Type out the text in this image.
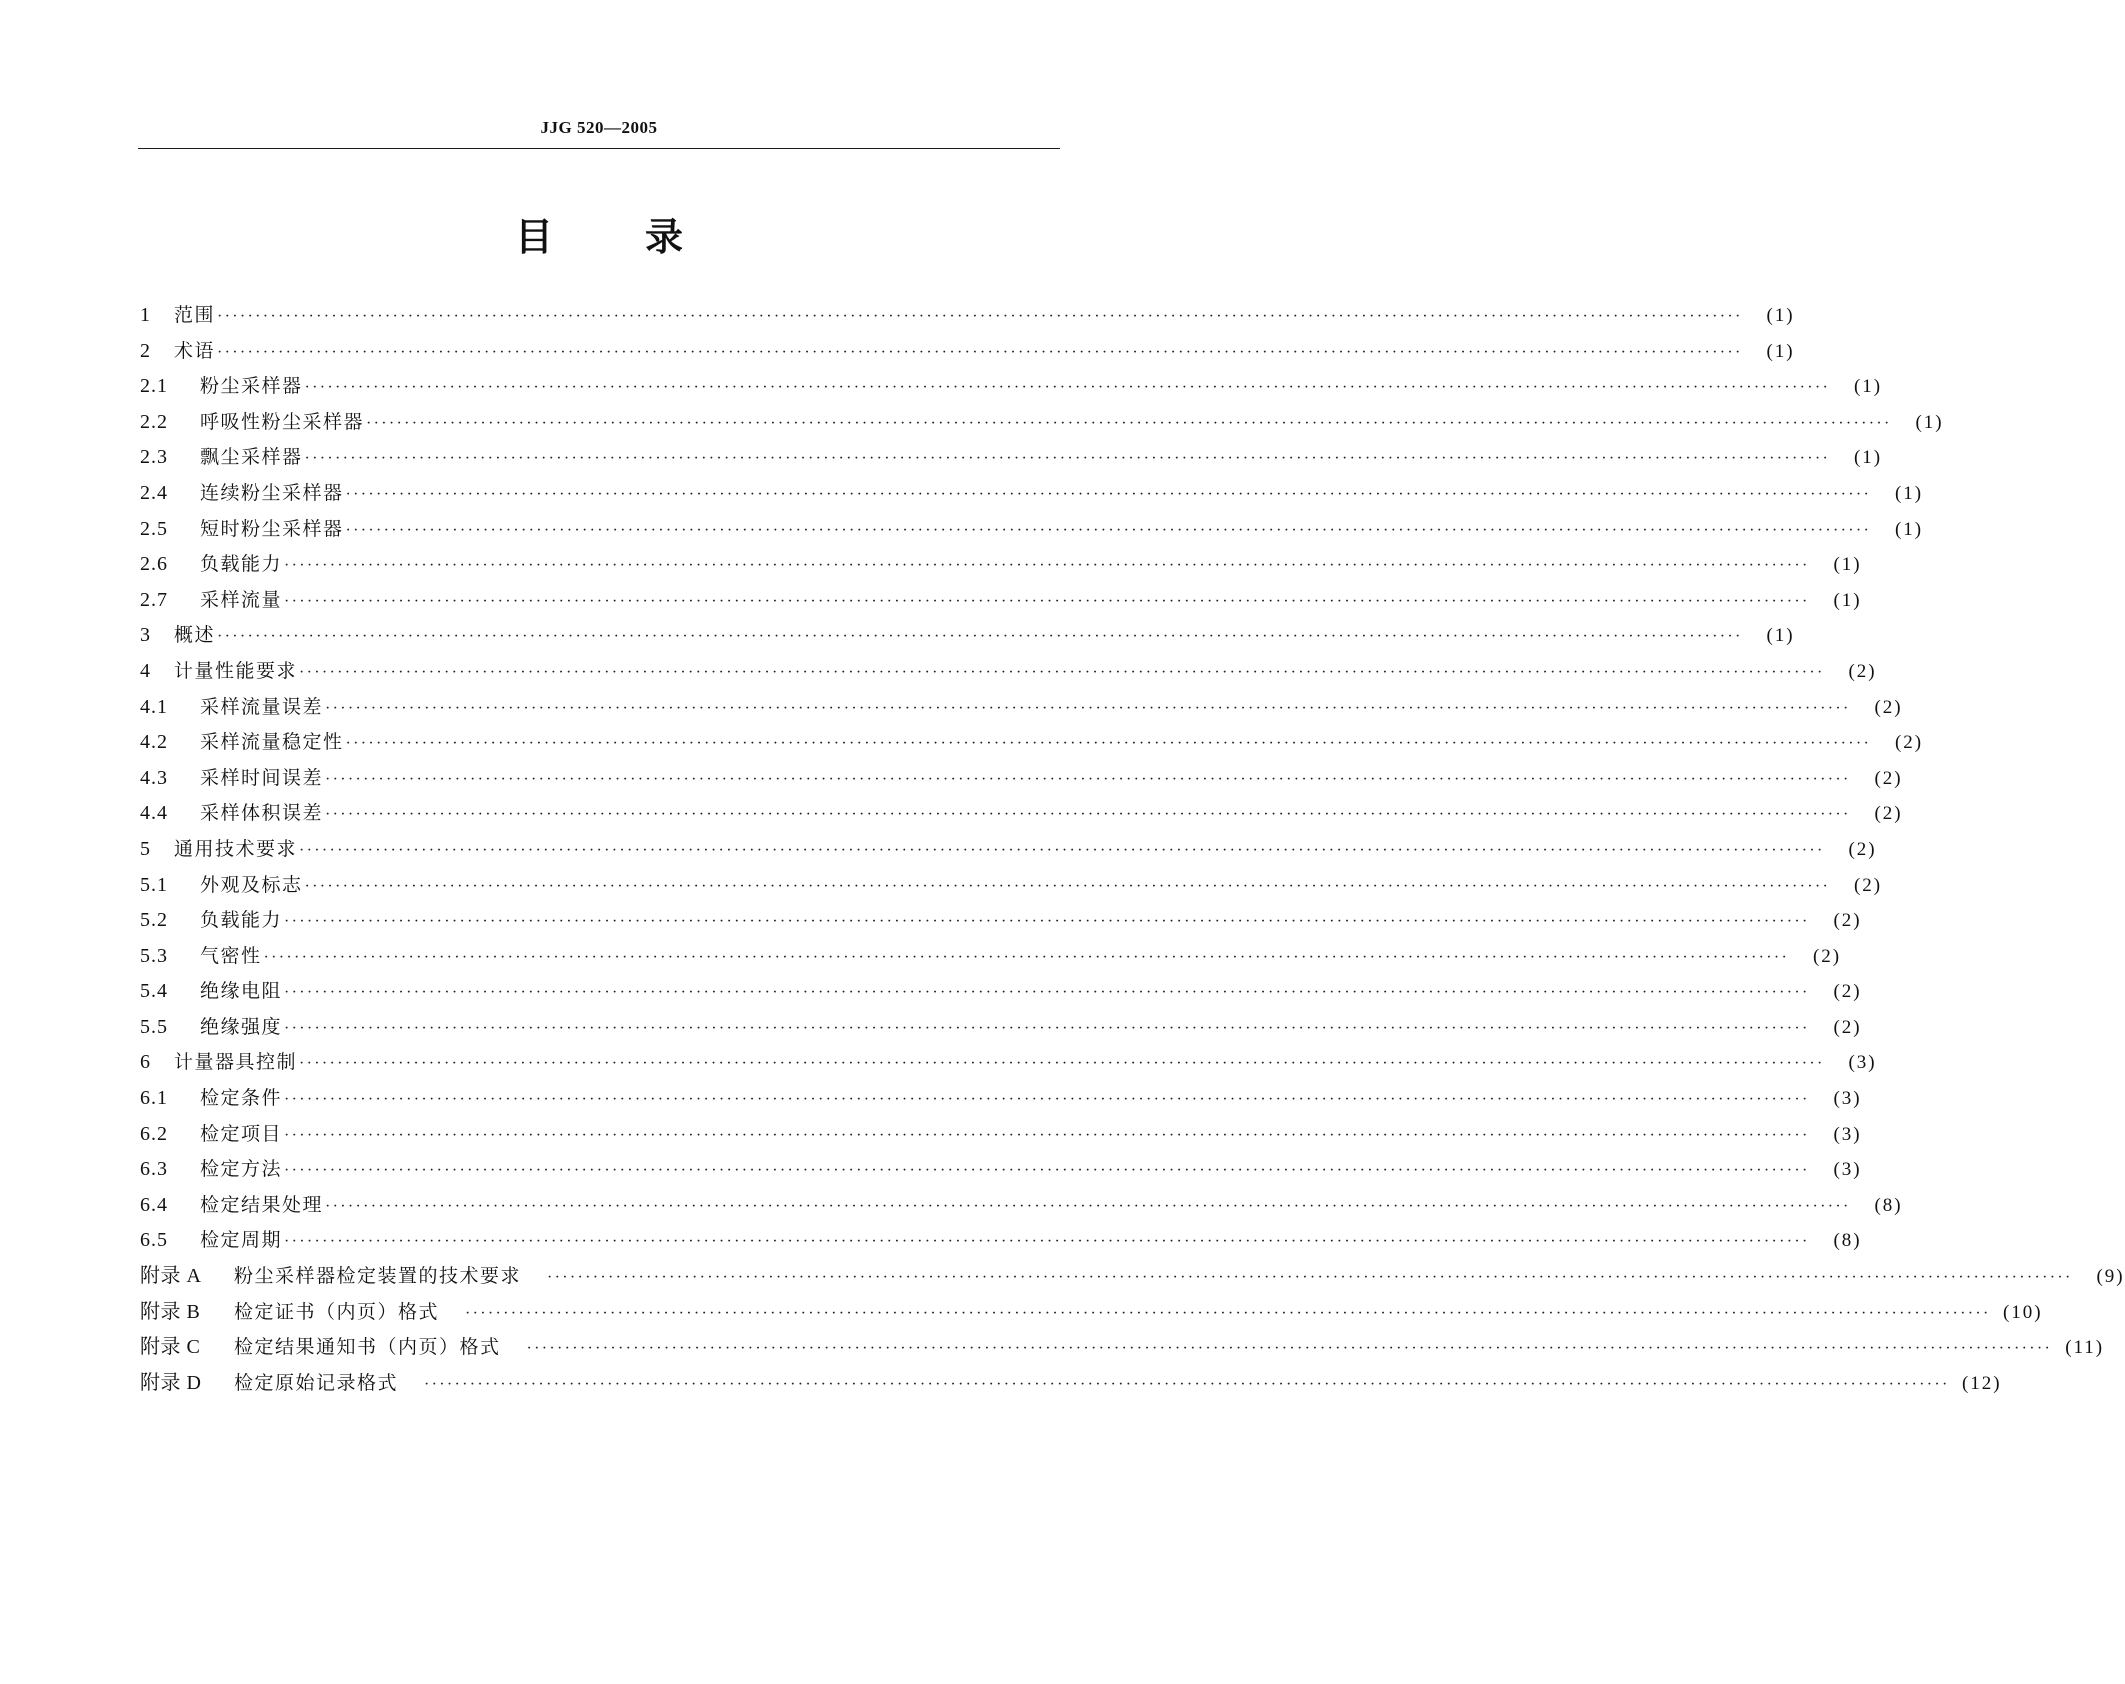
JJG 520—2005
目 录
1	范围 ········································································································································································································	(1)
2	术语 ········································································································································································································	(1)
2.1	粉尘采样器 ········································································································································································································	(1)
2.2	呼吸性粉尘采样器 ········································································································································································································	(1)
2.3	飘尘采样器 ········································································································································································································	(1)
2.4	连续粉尘采样器 ········································································································································································································	(1)
2.5	短时粉尘采样器 ········································································································································································································	(1)
2.6	负载能力 ········································································································································································································	(1)
2.7	采样流量 ········································································································································································································	(1)
3	概述 ········································································································································································································	(1)
4	计量性能要求 ········································································································································································································	(2)
4.1	采样流量误差 ········································································································································································································	(2)
4.2	采样流量稳定性 ········································································································································································································	(2)
4.3	采样时间误差 ········································································································································································································	(2)
4.4	采样体积误差 ········································································································································································································	(2)
5	通用技术要求 ········································································································································································································	(2)
5.1	外观及标志 ········································································································································································································	(2)
5.2	负载能力 ········································································································································································································	(2)
5.3	气密性 ········································································································································································································	(2)
5.4	绝缘电阻 ········································································································································································································	(2)
5.5	绝缘强度 ········································································································································································································	(2)
6	计量器具控制 ········································································································································································································	(3)
6.1	检定条件 ········································································································································································································	(3)
6.2	检定项目 ········································································································································································································	(3)
6.3	检定方法 ········································································································································································································	(3)
6.4	检定结果处理 ········································································································································································································	(8)
6.5	检定周期 ········································································································································································································	(8)
附录 A	粉尘采样器检定装置的技术要求 ········································································································································································································	(9)
附录 B	检定证书（内页）格式 ········································································································································································································ (10)
附录 C	检定结果通知书（内页）格式 ········································································································································································································ (11)
附录 D	检定原始记录格式 ········································································································································································································ (12)
